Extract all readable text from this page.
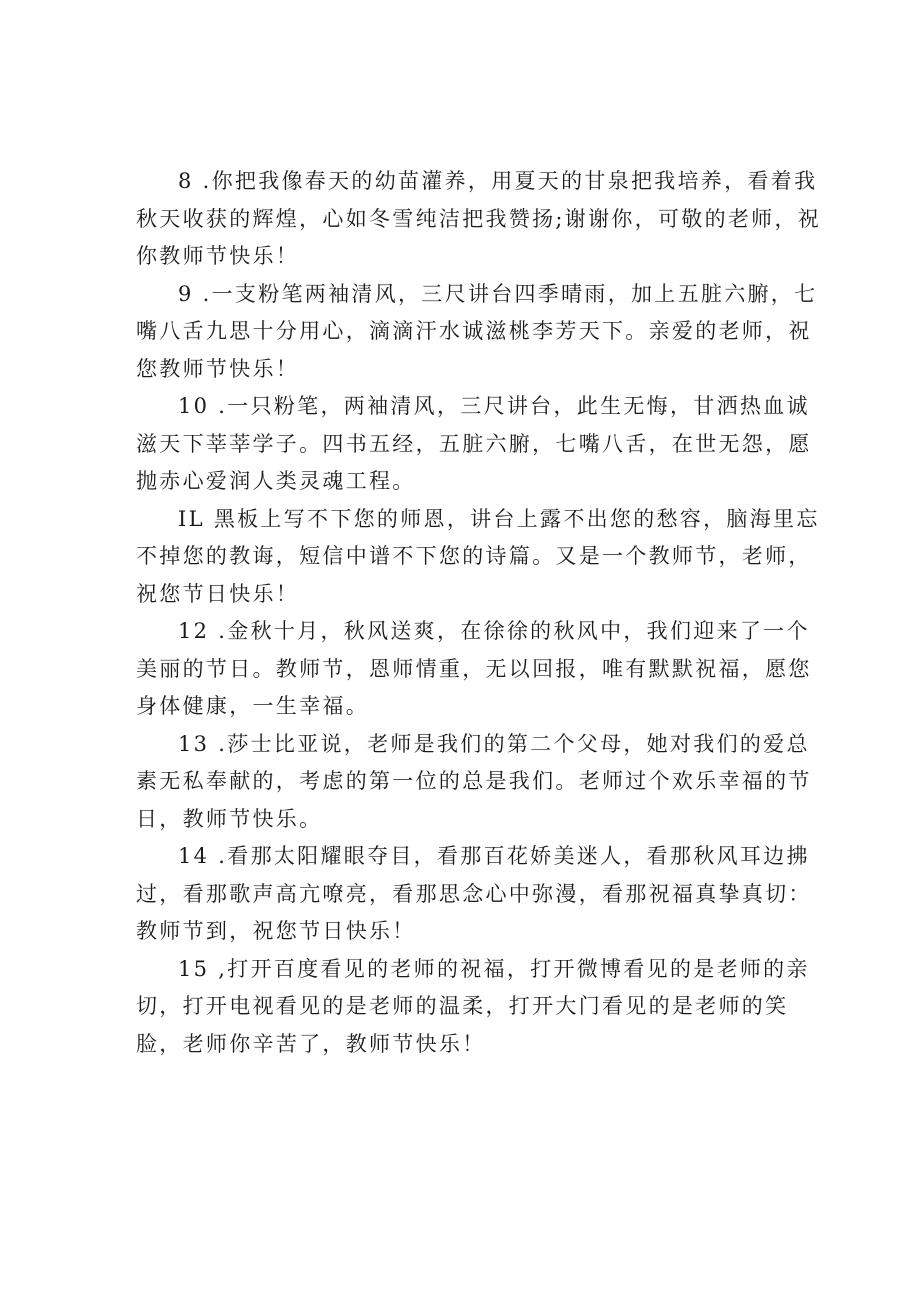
8 .你把我像春天的幼苗灌养，用夏天的甘泉把我培养，看着我
秋天收获的辉煌，心如冬雪纯洁把我赞扬;谢谢你，可敬的老师，祝
你教师节快乐！
9 .一支粉笔两袖清风，三尺讲台四季晴雨，加上五脏六腑，七
嘴八舌九思十分用心，滴滴汗水诚滋桃李芳天下。亲爱的老师，祝
您教师节快乐！
10 .一只粉笔，两袖清风，三尺讲台，此生无悔，甘洒热血诚
滋天下莘莘学子。四书五经，五脏六腑，七嘴八舌，在世无怨，愿
抛赤心爱润人类灵魂工程。
IL 黑板上写不下您的师恩，讲台上露不出您的愁容，脑海里忘
不掉您的教诲，短信中谱不下您的诗篇。又是一个教师节，老师，
祝您节日快乐！
12 .金秋十月，秋风送爽，在徐徐的秋风中，我们迎来了一个
美丽的节日。教师节，恩师情重，无以回报，唯有默默祝福，愿您
身体健康，一生幸福。
13 .莎士比亚说，老师是我们的第二个父母，她对我们的爱总
素无私奉献的，考虑的第一位的总是我们。老师过个欢乐幸福的节
日，教师节快乐。
14 .看那太阳耀眼夺目，看那百花娇美迷人，看那秋风耳边拂
过，看那歌声高亢嘹亮，看那思念心中弥漫，看那祝福真挚真切：
教师节到，祝您节日快乐！
15 ,打开百度看见的老师的祝福，打开微博看见的是老师的亲
切，打开电视看见的是老师的温柔，打开大门看见的是老师的笑
脸，老师你辛苦了，教师节快乐！
